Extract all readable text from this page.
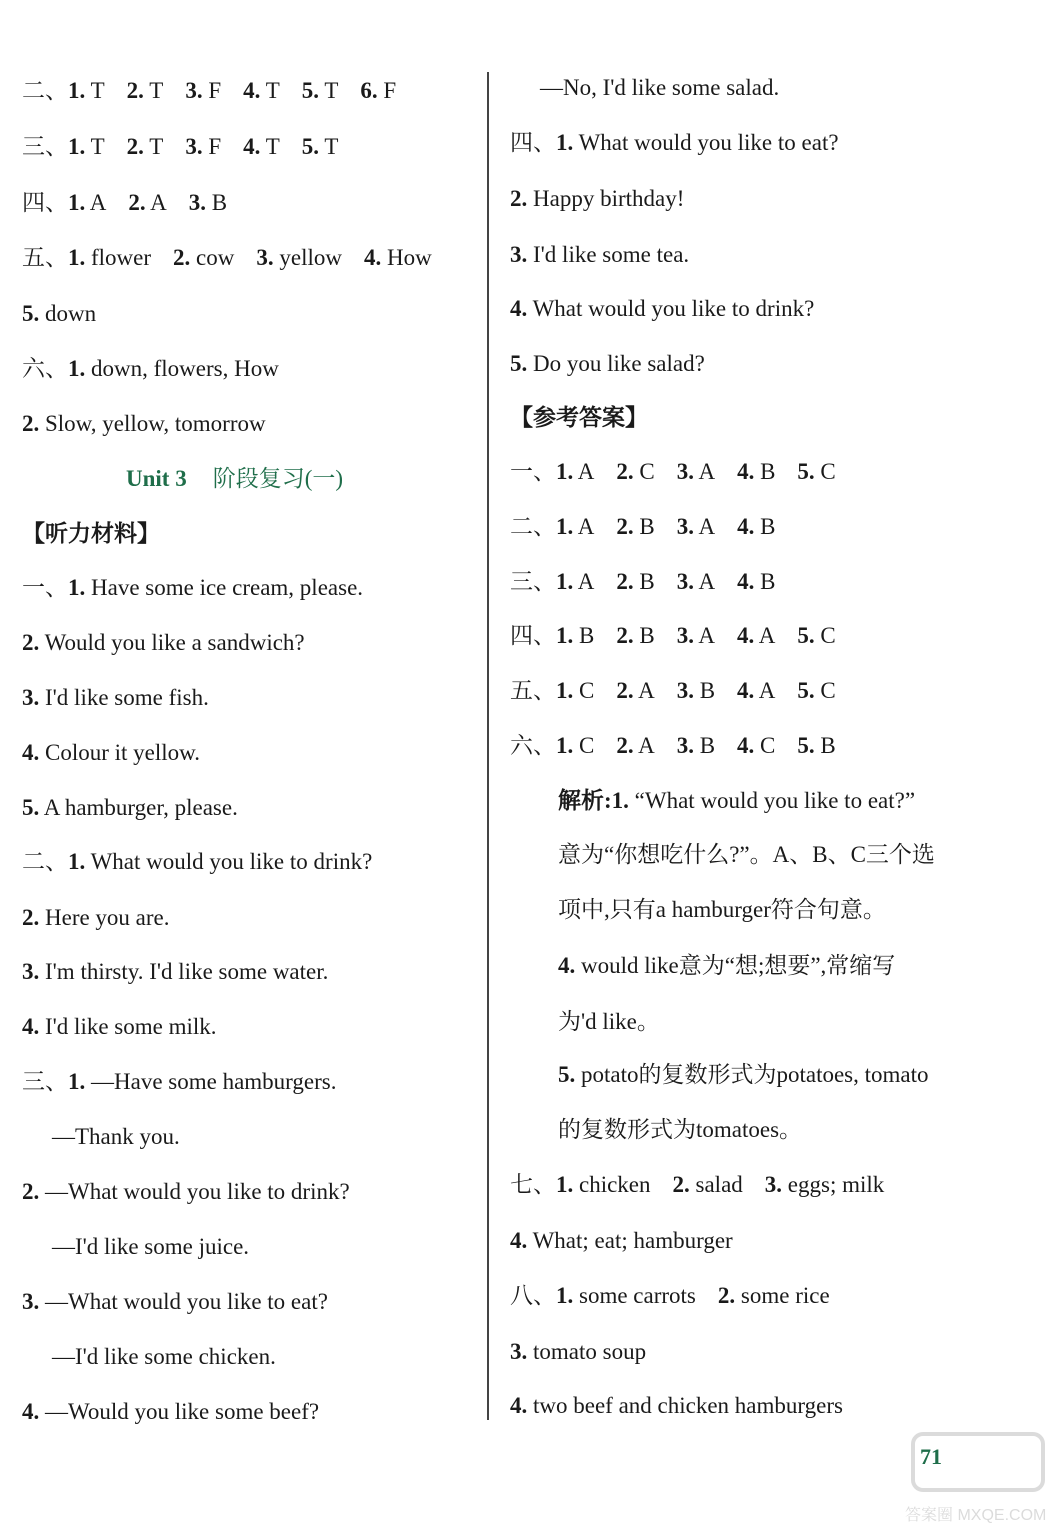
二、1. T 2. T 3. F 4. T 5. T 6. F
三、1. T 2. T 3. F 4. T 5. T
四、1. A 2. A 3. B
五、1. flower 2. cow 3. yellow 4. How
5. down
六、1. down, flowers, How
2. Slow, yellow, tomorrow
Unit 3 阶段复习(一)
【听力材料】
一、1. Have some ice cream, please.
2. Would you like a sandwich?
3. I'd like some fish.
4. Colour it yellow.
5. A hamburger, please.
二、1. What would you like to drink?
2. Here you are.
3. I'm thirsty. I'd like some water.
4. I'd like some milk.
三、1. —Have some hamburgers.
—Thank you.
2. —What would you like to drink?
—I'd like some juice.
3. —What would you like to eat?
—I'd like some chicken.
4. —Would you like some beef?
—No, I'd like some salad.
四、1. What would you like to eat?
2. Happy birthday!
3. I'd like some tea.
4. What would you like to drink?
5. Do you like salad?
【参考答案】
一、1. A 2. C 3. A 4. B 5. C
二、1. A 2. B 3. A 4. B
三、1. A 2. B 3. A 4. B
四、1. B 2. B 3. A 4. A 5. C
五、1. C 2. A 3. B 4. A 5. C
六、1. C 2. A 3. B 4. C 5. B
解析:1. “What would you like to eat?”
意为“你想吃什么?”。A、B、C三个选
项中,只有a hamburger符合句意。
4. would like意为“想;想要”,常缩写
为'd like。
5. potato的复数形式为potatoes, tomato
的复数形式为tomatoes。
七、1. chicken 2. salad 3. eggs; milk
4. What; eat; hamburger
八、1. some carrots 2. some rice
3. tomato soup
4. two beef and chicken hamburgers
71
答案圈 MXQE.COM
